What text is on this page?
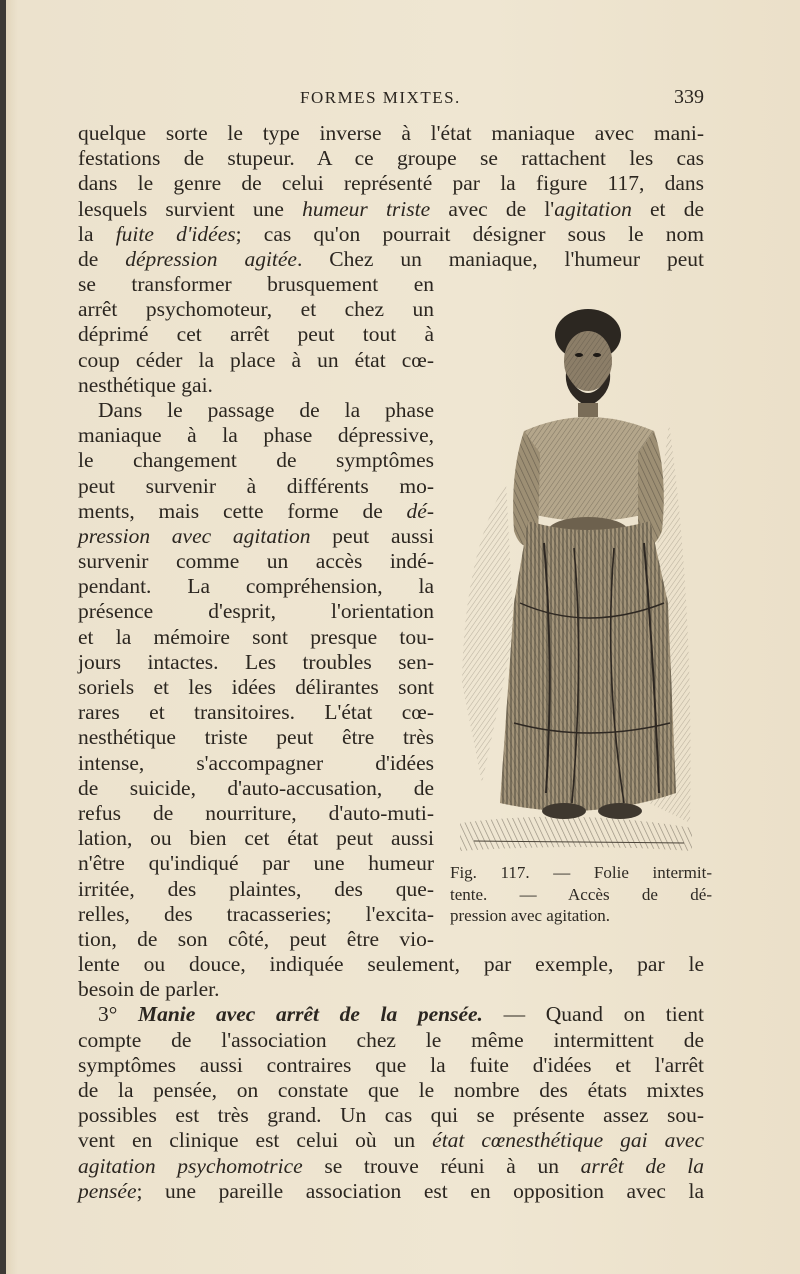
FORMES MIXTES.	339
quelque sorte le type inverse à l'état maniaque avec mani-
festations de stupeur. A ce groupe se rattachent les cas
dans le genre de celui représenté par la figure 117, dans
lesquels survient une humeur triste avec de l'agitation et de
la fuite d'idées; cas qu'on pourrait désigner sous le nom
de dépression agitée. Chez un maniaque, l'humeur peut
se transformer brusquement en
arrêt psychomoteur, et chez un
déprimé cet arrêt peut tout à
coup céder la place à un état cœ-
nesthétique gai.
Dans le passage de la phase
maniaque à la phase dépressive,
le changement de symptômes
peut survenir à différents mo-
ments, mais cette forme de dé-
pression avec agitation peut aussi
survenir comme un accès indé-
pendant. La compréhension, la
présence d'esprit, l'orientation
et la mémoire sont presque tou-
jours intactes. Les troubles sen-
soriels et les idées délirantes sont
rares et transitoires. L'état cœ-
nesthétique triste peut être très
intense, s'accompagner d'idées
de suicide, d'auto-accusation, de
refus de nourriture, d'auto-muti-
lation, ou bien cet état peut aussi
n'être qu'indiqué par une humeur
irritée, des plaintes, des que-
relles, des tracasseries; l'excita-
tion, de son côté, peut être vio-
Fig. 117. — Folie intermit-
tente. — Accès de dé-
pression avec agitation.
lente ou douce, indiquée seulement, par exemple, par le
besoin de parler.
3° Manie avec arrêt de la pensée. — Quand on tient
compte de l'association chez le même intermittent de
symptômes aussi contraires que la fuite d'idées et l'arrêt
de la pensée, on constate que le nombre des états mixtes
possibles est très grand. Un cas qui se présente assez sou-
vent en clinique est celui où un état cœnesthétique gai avec
agitation psychomotrice se trouve réuni à un arrêt de la
pensée; une pareille association est en opposition avec la
